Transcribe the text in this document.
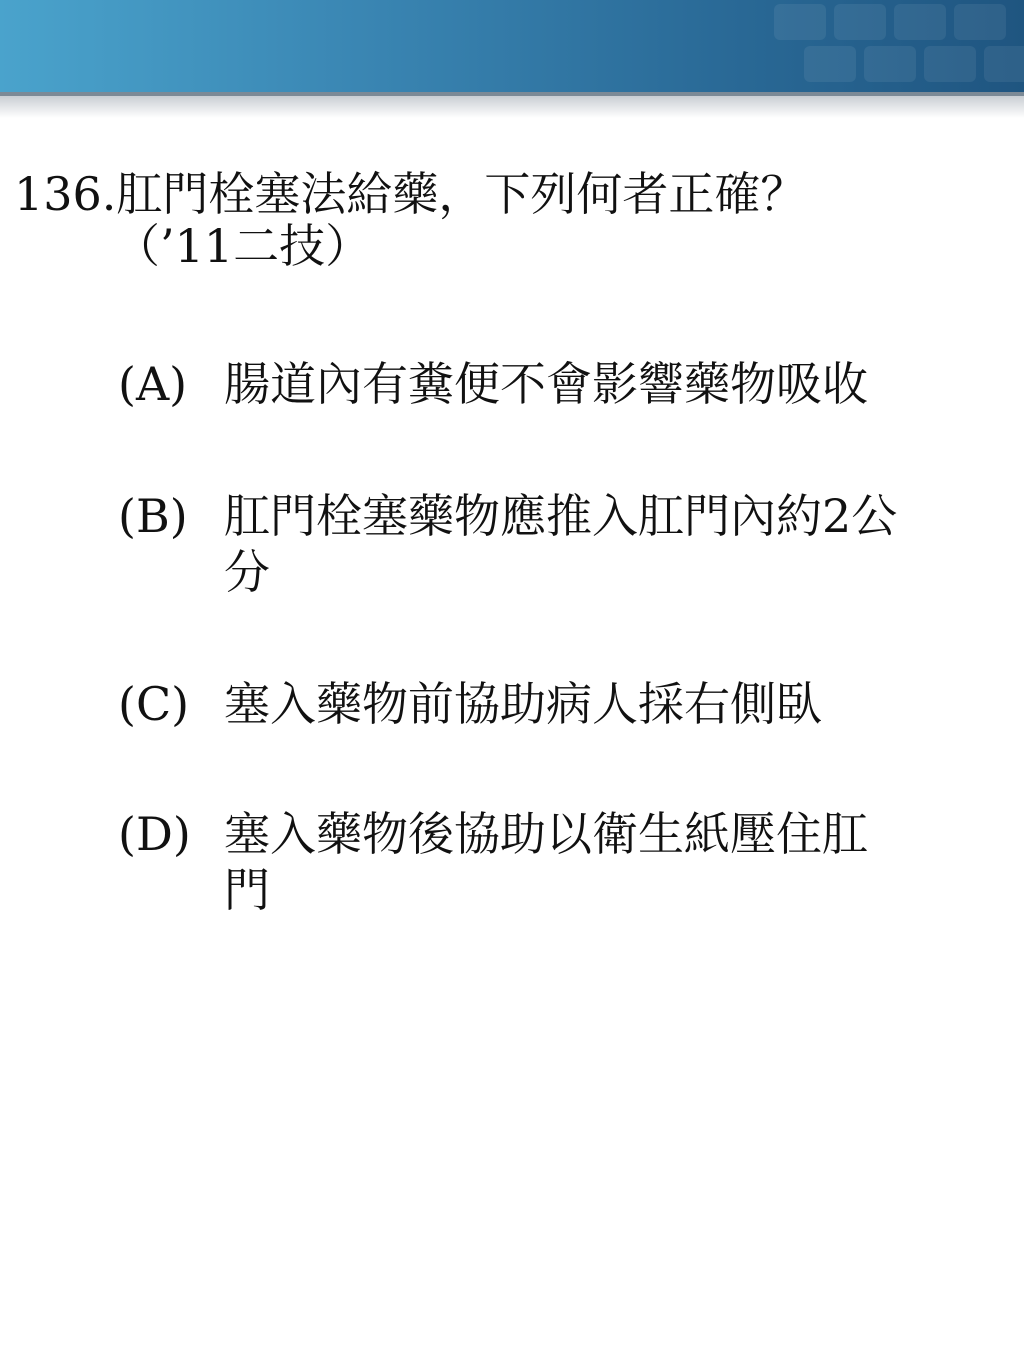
136.肛門栓塞法給藥，下列何者正確？
（’11二技）
(A) 腸道內有糞便不會影響藥物吸收
(B) 肛門栓塞藥物應推入肛門內約2公
分
(C) 塞入藥物前協助病人採右側臥
(D) 塞入藥物後協助以衛生紙壓住肛
門
